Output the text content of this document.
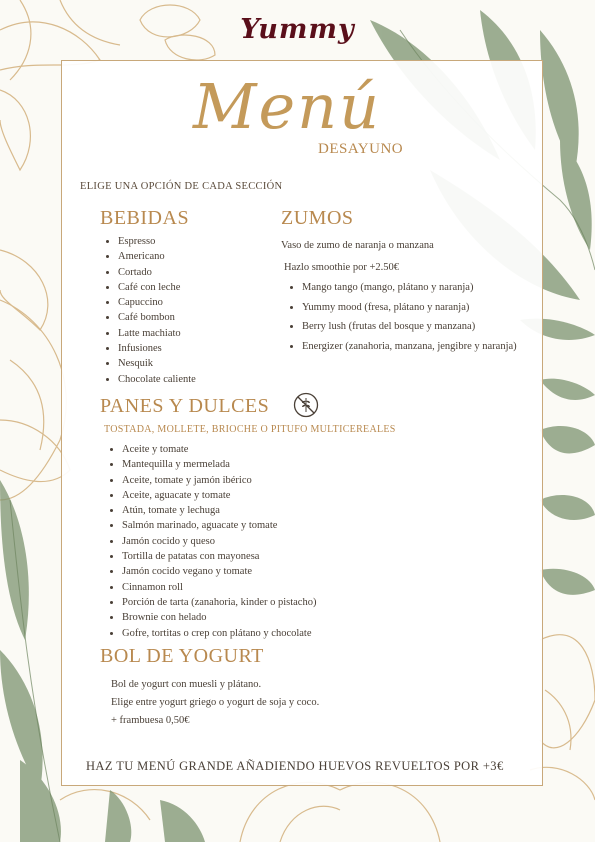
Yummy
Menú
DESAYUNO
ELIGE UNA OPCIÓN DE CADA SECCIÓN
BEBIDAS
• Espresso
• Americano
• Cortado
• Café con leche
• Capuccino
• Café bombon
• Latte machiato
• Infusiones
• Nesquik
• Chocolate caliente
ZUMOS
Vaso de zumo de naranja o manzana
Hazlo smoothie por +2.50€
• Mango tango (mango, plátano y naranja)
• Yummy mood (fresa, plátano y naranja)
• Berry lush (frutas del bosque y manzana)
• Energizer (zanahoria, manzana, jengibre y naranja)
PANES Y DULCES
TOSTADA, MOLLETE, BRIOCHE O PITUFO MULTICEREALES
• Aceite y tomate
• Mantequilla y mermelada
• Aceite, tomate y jamón ibérico
• Aceite, aguacate y tomate
• Atún, tomate y lechuga
• Salmón marinado, aguacate y tomate
• Jamón cocido y queso
• Tortilla de patatas con mayonesa
• Jamón cocido vegano y tomate
• Cinnamon roll
• Porción de tarta (zanahoria, kinder o pistacho)
• Brownie con helado
• Gofre, tortitas o crep con plátano y chocolate
BOL DE YOGURT
Bol de yogurt con muesli y plátano.
Elige entre yogurt griego o yogurt de soja y coco.
+ frambuesa 0,50€
HAZ TU MENÚ GRANDE AÑADIENDO HUEVOS REVUELTOS POR +3€
